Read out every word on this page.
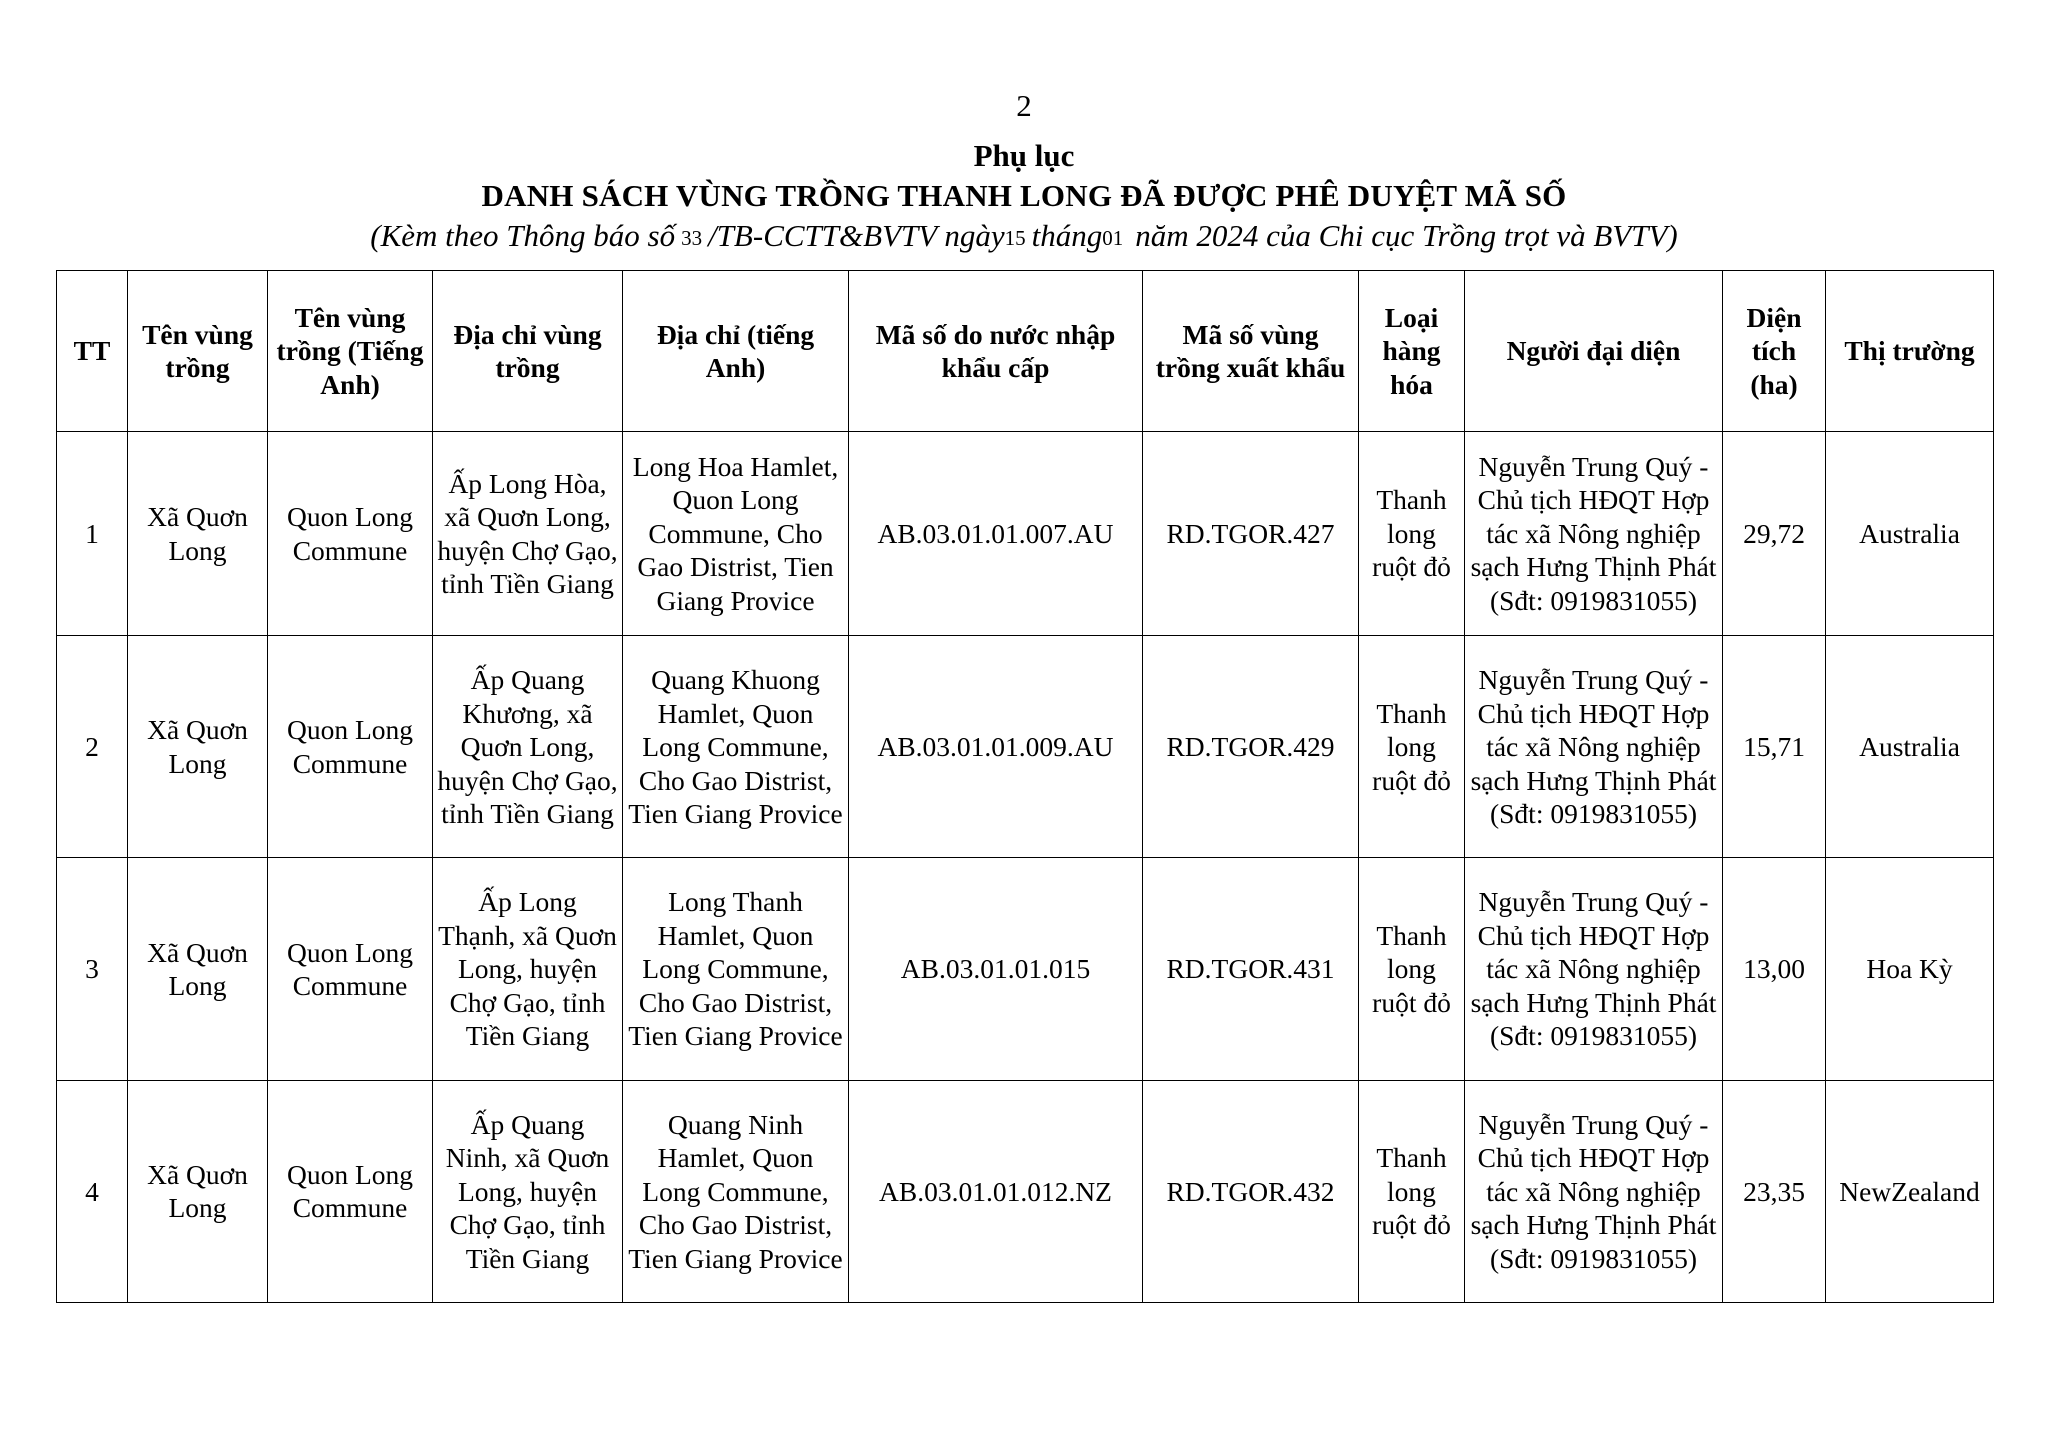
2
Phụ lục
DANH SÁCH VÙNG TRỒNG THANH LONG ĐÃ ĐƯỢC PHÊ DUYỆT MÃ SỐ
(Kèm theo Thông báo số 33 /TB-CCTT&BVTV ngày15 tháng01 năm 2024 của Chi cục Trồng trọt và BVTV)
TT	Tên vùng trồng	Tên vùng trồng (Tiếng Anh)	Địa chỉ vùng trồng	Địa chỉ (tiếng Anh)	Mã số do nước nhập khẩu cấp	Mã số vùng trồng xuất khẩu	Loại hàng hóa	Người đại diện	Diện tích (ha)	Thị trường
1	Xã Quơn Long	Quon Long Commune	Ấp Long Hòa, xã Quơn Long, huyện Chợ Gạo, tỉnh Tiền Giang	Long Hoa Hamlet, Quon Long Commune, Cho Gao Distrist, Tien Giang Provice	AB.03.01.01.007.AU	RD.TGOR.427	Thanh long ruột đỏ	Nguyễn Trung Quý - Chủ tịch HĐQT Hợp tác xã Nông nghiệp sạch Hưng Thịnh Phát (Sđt: 0919831055)	29,72	Australia
2	Xã Quơn Long	Quon Long Commune	Ấp Quang Khương, xã Quơn Long, huyện Chợ Gạo, tỉnh Tiền Giang	Quang Khuong Hamlet, Quon Long Commune, Cho Gao Distrist, Tien Giang Provice	AB.03.01.01.009.AU	RD.TGOR.429	Thanh long ruột đỏ	Nguyễn Trung Quý - Chủ tịch HĐQT Hợp tác xã Nông nghiệp sạch Hưng Thịnh Phát (Sđt: 0919831055)	15,71	Australia
3	Xã Quơn Long	Quon Long Commune	Ấp Long Thạnh, xã Quơn Long, huyện Chợ Gạo, tỉnh Tiền Giang	Long Thanh Hamlet, Quon Long Commune, Cho Gao Distrist, Tien Giang Provice	AB.03.01.01.015	RD.TGOR.431	Thanh long ruột đỏ	Nguyễn Trung Quý - Chủ tịch HĐQT Hợp tác xã Nông nghiệp sạch Hưng Thịnh Phát (Sđt: 0919831055)	13,00	Hoa Kỳ
4	Xã Quơn Long	Quon Long Commune	Ấp Quang Ninh, xã Quơn Long, huyện Chợ Gạo, tỉnh Tiền Giang	Quang Ninh Hamlet, Quon Long Commune, Cho Gao Distrist, Tien Giang Provice	AB.03.01.01.012.NZ	RD.TGOR.432	Thanh long ruột đỏ	Nguyễn Trung Quý - Chủ tịch HĐQT Hợp tác xã Nông nghiệp sạch Hưng Thịnh Phát (Sđt: 0919831055)	23,35	NewZealand
